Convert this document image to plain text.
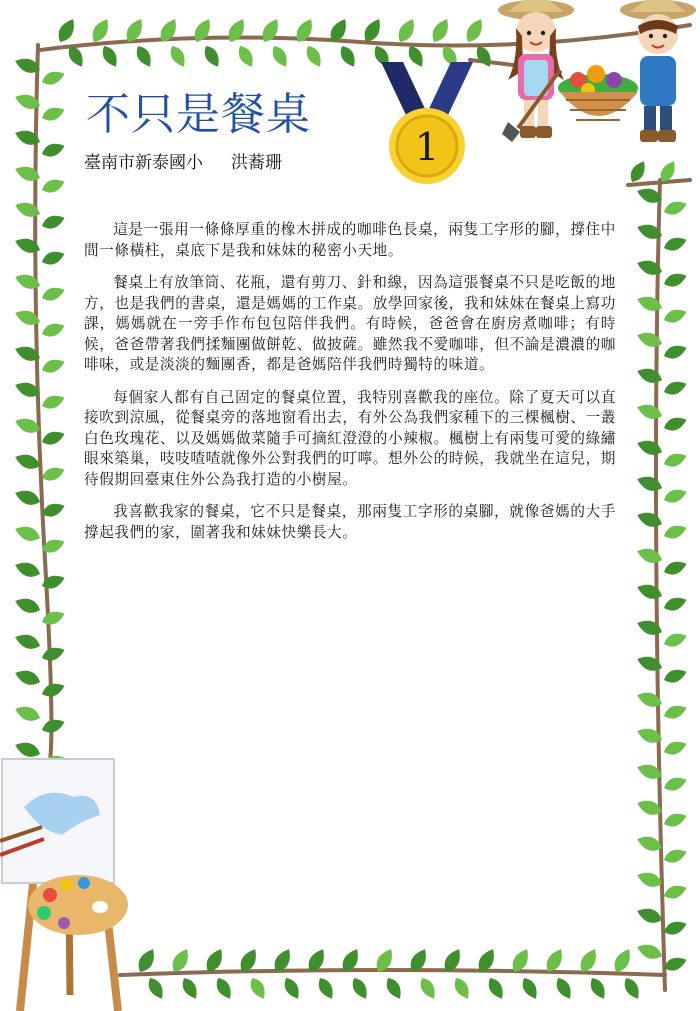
1
不只是餐桌
臺南市新泰國小 洪蕎珊

這是一張用一條條厚重的橡木拼成的咖啡色長桌，兩隻工字形的腳，撐住中間一條橫柱，桌底下是我和妹妹的秘密小天地。

餐桌上有放筆筒、花瓶，還有剪刀、針和線，因為這張餐桌不只是吃飯的地方，也是我們的書桌，還是媽媽的工作桌。放學回家後，我和妹妹在餐桌上寫功課，媽媽就在一旁手作布包包陪伴我們。有時候，爸爸會在廚房煮咖啡；有時候，爸爸帶著我們揉麵團做餅乾、做披薩。雖然我不愛咖啡，但不論是濃濃的咖啡味，或是淡淡的麵團香，都是爸媽陪伴我們時獨特的味道。

每個家人都有自己固定的餐桌位置，我特別喜歡我的座位。除了夏天可以直接吹到涼風，從餐桌旁的落地窗看出去，有外公為我們家種下的三棵楓樹、一叢白色玫瑰花、以及媽媽做菜隨手可摘紅澄澄的小辣椒。楓樹上有兩隻可愛的綠繡眼來築巢，吱吱喳喳就像外公對我們的叮嚀。想外公的時候，我就坐在這兒，期待假期回臺東住外公為我打造的小樹屋。

我喜歡我家的餐桌，它不只是餐桌，那兩隻工字形的桌腳，就像爸媽的大手撐起我們的家，圍著我和妹妹快樂長大。
